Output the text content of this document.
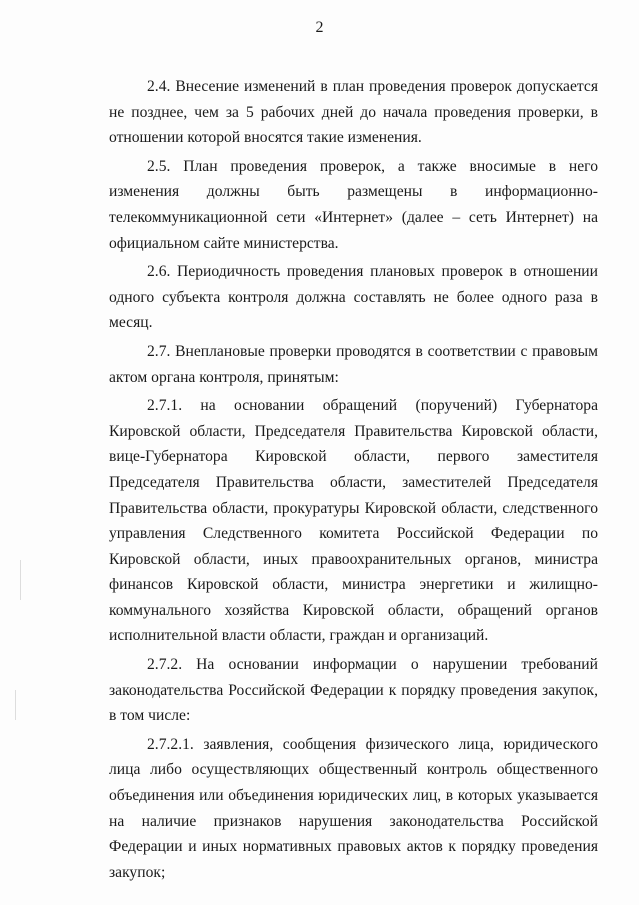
2

2.4. Внесение изменений в план проведения проверок допускается не позднее, чем за 5 рабочих дней до начала проведения проверки, в отношении которой вносятся такие изменения.

2.5. План проведения проверок, а также вносимые в него изменения должны быть размещены в информационно-телекоммуникационной сети «Интернет» (далее – сеть Интернет) на официальном сайте министерства.

2.6. Периодичность проведения плановых проверок в отношении одного субъекта контроля должна составлять не более одного раза в месяц.

2.7. Внеплановые проверки проводятся в соответствии с правовым актом органа контроля, принятым:

2.7.1. на основании обращений (поручений) Губернатора Кировской области, Председателя Правительства Кировской области, вице-Губернатора Кировской области, первого заместителя Председателя Правительства области, заместителей Председателя Правительства области, прокуратуры Кировской области, следственного управления Следственного комитета Российской Федерации по Кировской области, иных правоохранительных органов, министра финансов Кировской области, министра энергетики и жилищно-коммунального хозяйства Кировской области, обращений органов исполнительной власти области, граждан и организаций.

2.7.2. На основании информации о нарушении требований законодательства Российской Федерации к порядку проведения закупок, в том числе:

2.7.2.1. заявления, сообщения физического лица, юридического лица либо осуществляющих общественный контроль общественного объединения или объединения юридических лиц, в которых указывается на наличие признаков нарушения законодательства Российской Федерации и иных нормативных правовых актов к порядку проведения закупок;
